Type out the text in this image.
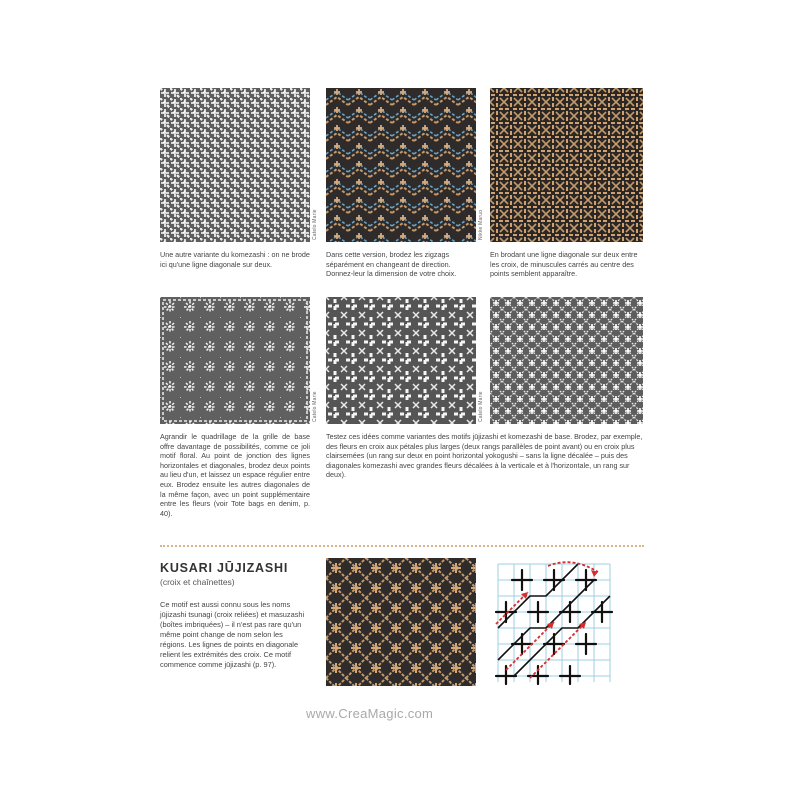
Catelo Marie	Nikke Maruo

Une autre variante du komezashi : on ne brode ici qu'une ligne diagonale sur deux.

Dans cette version, brodez les zigzags séparément en changeant de direction. Donnez-leur la dimension de votre choix.

En brodant une ligne diagonale sur deux entre les croix, de minuscules carrés au centre des points semblent apparaître.

Catelo Marie	Catelo Marie

Agrandir le quadrillage de la grille de base offre davantage de possibilités, comme ce joli motif floral. Au point de jonction des lignes horizontales et diagonales, brodez deux points au lieu d'un, et laissez un espace régulier entre eux. Brodez ensuite les autres diagonales de la même façon, avec un point supplémentaire entre les fleurs (voir Tote bags en denim, p. 40).

Testez ces idées comme variantes des motifs jūjizashi et komezashi de base. Brodez, par exemple, des fleurs en croix aux pétales plus larges (deux rangs parallèles de point avant) ou en croix plus clairsemées (un rang sur deux en point horizontal yokogushi – sans la ligne décalée – puis des diagonales komezashi avec grandes fleurs décalées à la verticale et à l'horizontale, un rang sur deux).

KUSARI JŪJIZASHI
(croix et chaînettes)

Ce motif est aussi connu sous les noms jūjizashi tsunagi (croix reliées) et masuzashi (boîtes imbriquées) – il n'est pas rare qu'un même point change de nom selon les régions. Les lignes de points en diagonale relient les extrémités des croix. Ce motif commence comme jūjizashi (p. 97).

www.CreaMagic.com
